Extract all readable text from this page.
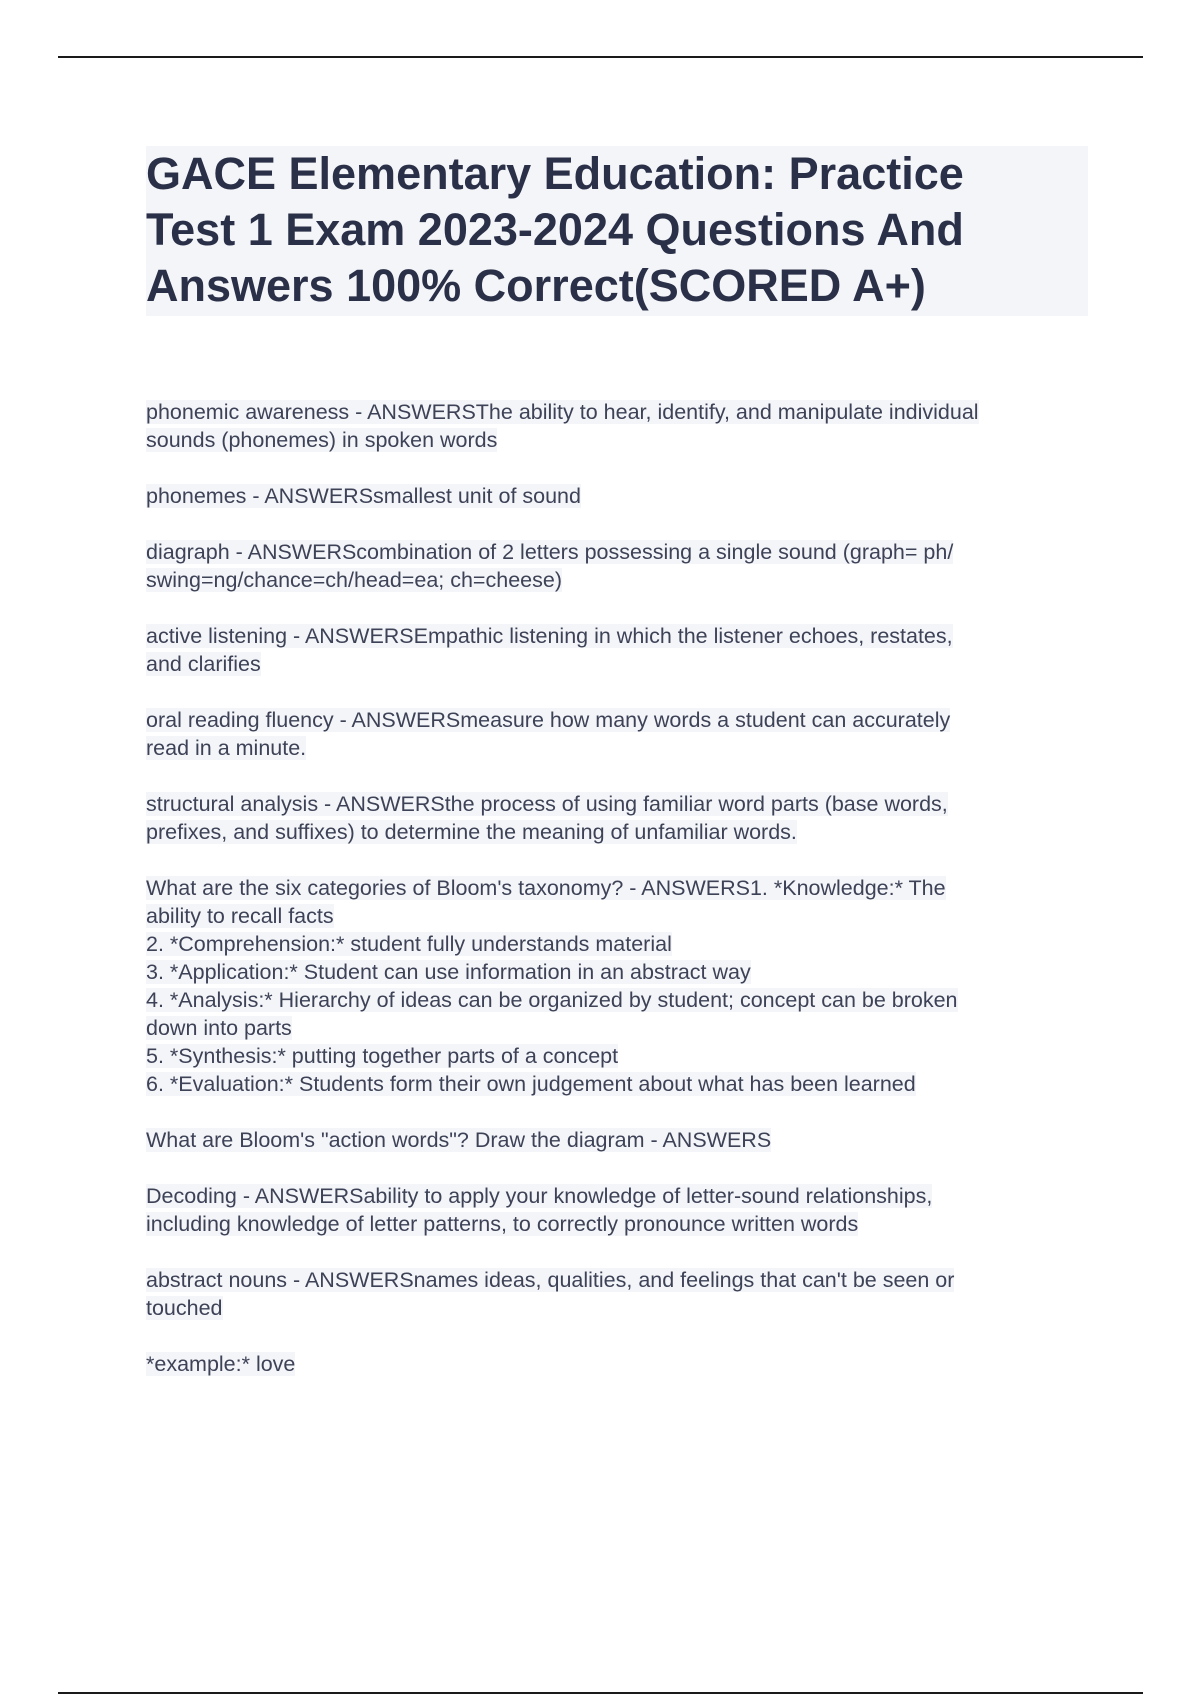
GACE Elementary Education: Practice
Test 1 Exam 2023-2024 Questions And
Answers 100% Correct(SCORED A+)
phonemic awareness - ANSWERSThe ability to hear, identify, and manipulate individual
sounds (phonemes) in spoken words
phonemes - ANSWERSsmallest unit of sound
diagraph - ANSWERScombination of 2 letters possessing a single sound (graph= ph/
swing=ng/chance=ch/head=ea; ch=cheese)
active listening - ANSWERSEmpathic listening in which the listener echoes, restates,
and clarifies
oral reading fluency - ANSWERSmeasure how many words a student can accurately
read in a minute.
structural analysis - ANSWERSthe process of using familiar word parts (base words,
prefixes, and suffixes) to determine the meaning of unfamiliar words.
What are the six categories of Bloom's taxonomy? - ANSWERS1. *Knowledge:* The
ability to recall facts
2. *Comprehension:* student fully understands material
3. *Application:* Student can use information in an abstract way
4. *Analysis:* Hierarchy of ideas can be organized by student; concept can be broken
down into parts
5. *Synthesis:* putting together parts of a concept
6. *Evaluation:* Students form their own judgement about what has been learned
What are Bloom's "action words"? Draw the diagram - ANSWERS
Decoding - ANSWERSability to apply your knowledge of letter-sound relationships,
including knowledge of letter patterns, to correctly pronounce written words
abstract nouns - ANSWERSnames ideas, qualities, and feelings that can't be seen or
touched
*example:* love
